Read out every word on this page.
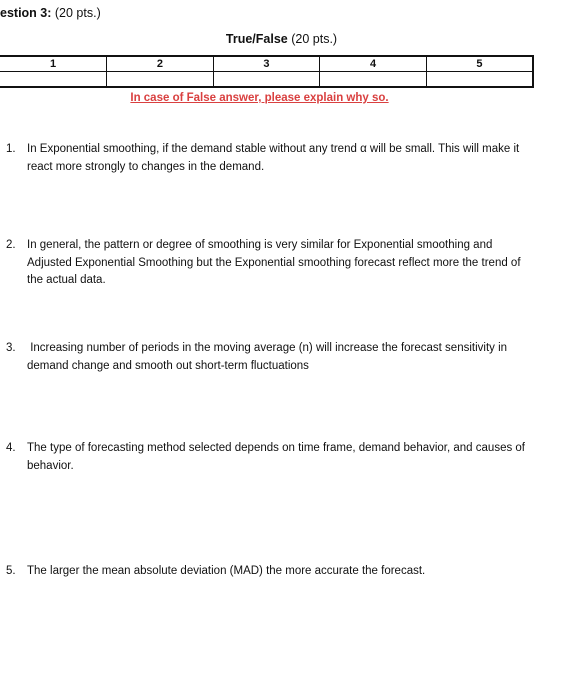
estion 3: (20 pts.)
True/False (20 pts.)
1	2	3	4	5

In case of False answer, please explain why so.
1. In Exponential smoothing, if the demand stable without any trend α will be small. This will make it react more strongly to changes in the demand.
2. In general, the pattern or degree of smoothing is very similar for Exponential smoothing and Adjusted Exponential Smoothing but the Exponential smoothing forecast reflect more the trend of the actual data.
3. Increasing number of periods in the moving average (n) will increase the forecast sensitivity in demand change and smooth out short-term fluctuations
4. The type of forecasting method selected depends on time frame, demand behavior, and causes of behavior.
5. The larger the mean absolute deviation (MAD) the more accurate the forecast.
